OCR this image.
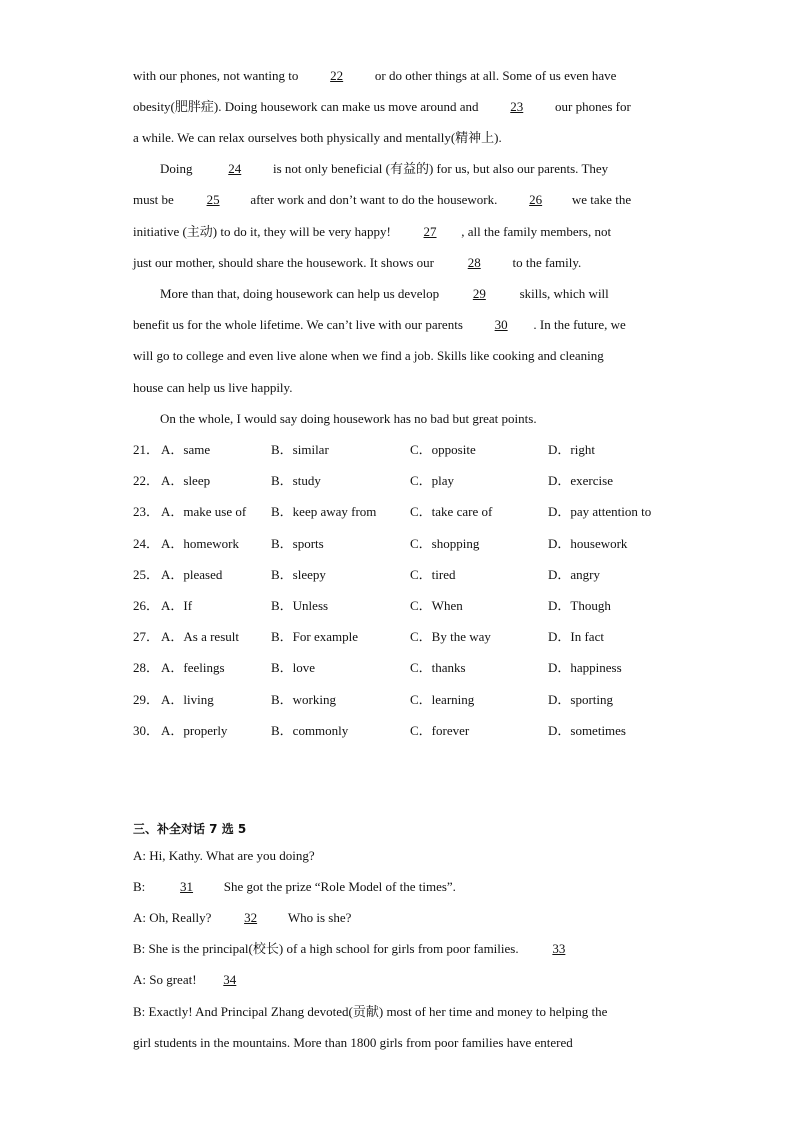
with our phones, not wanting to 22 or do other things at all. Some of us even have
obesity(肥胖症). Doing housework can make us move around and 23 our phones for
a while. We can relax ourselves both physically and mentally(精神上).
Doing	24 is not only beneficial (有益的) for us, but also our parents. They
must be	25 after work and don’t want to do the housework. 26 we take the
initiative (主动) to do it, they will be very happy!	27 , all the family members, not
just our mother, should share the housework. It shows our	28 to the family.
More than that, doing housework can help us develop	29	skills, which will
benefit us for the whole lifetime. We can’t live with our parents 30 . In the future, we
will go to college and even live alone when we find a job. Skills like cooking and cleaning
house can help us live happily.
On the whole, I would say doing housework has no bad but great points.
21． A．same	B．similar	C．opposite	D．right
22． A．sleep	B．study	C．play	D．exercise
23． A．make use of B．keep away from	C．take care of	D．pay attention to
24． A．homework B．sports	C．shopping	D．housework
25． A．pleased	B．sleepy	C．tired	D．angry
26． A．If	B．Unless	C．When	D．Though
27． A．As a result B．For example	C．By the way	D．In fact
28． A．feelings	B．love	C．thanks	D．happiness
29． A．living	B．working	C．learning	D．sporting
30． A．properly	B．commonly	C．forever	D．sometimes
三、补全对话 7 选 5
A: Hi, Kathy. What are you doing?
B:	31 She got the prize “Role Model of the times”.
A: Oh, Really?	32 Who is she?
B: She is the principal(校长) of a high school for girls from poor families.	33
A: So great! 34
B: Exactly! And Principal Zhang devoted(贡献) most of her time and money to helping the
girl students in the mountains. More than 1800 girls from poor families have entered
